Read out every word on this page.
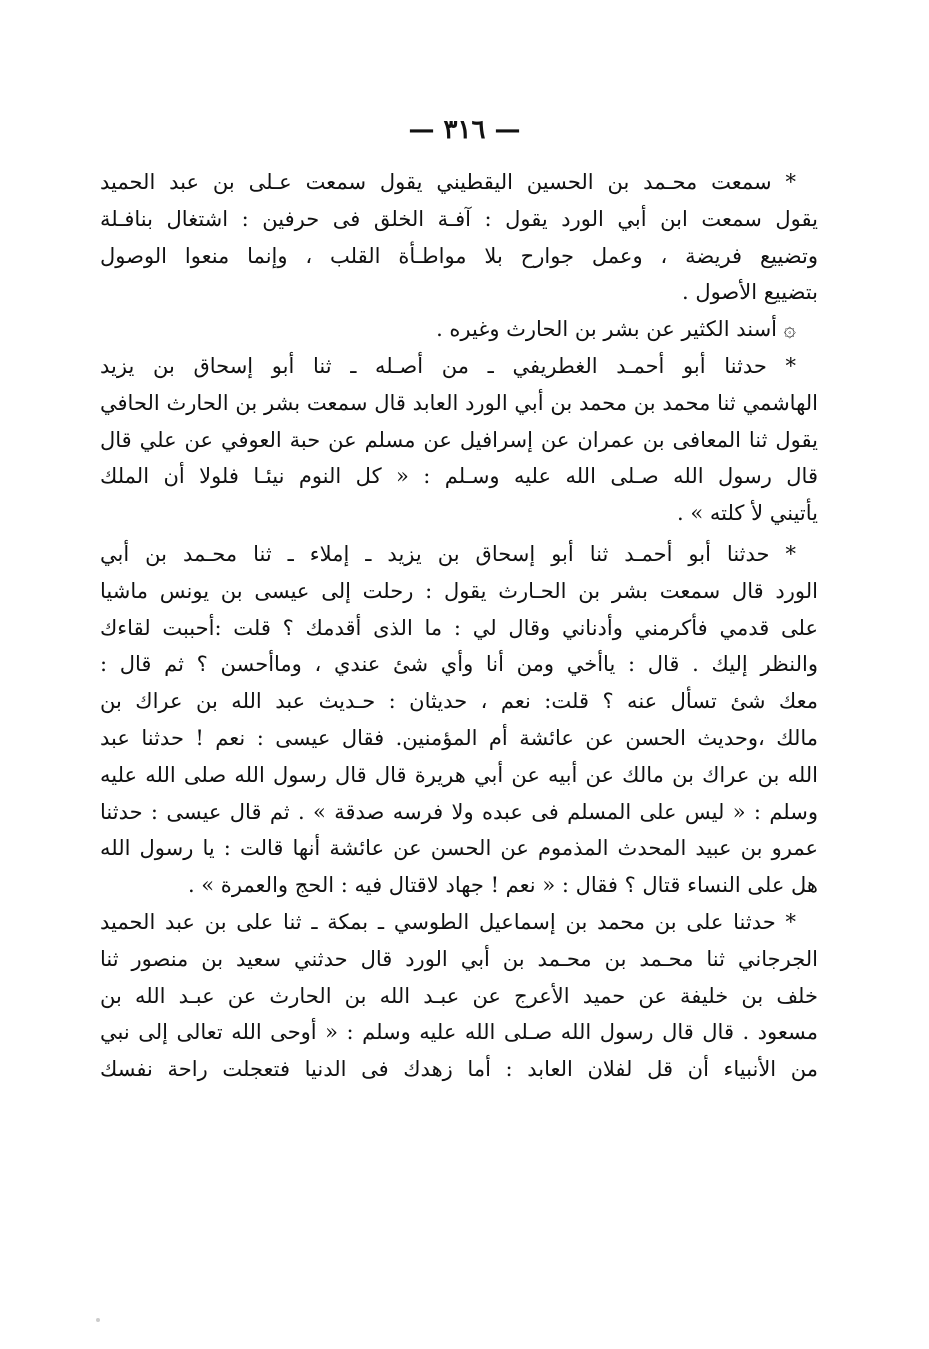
— ٣١٦ —
* سمعت محـمد بن الحسين اليقطيني يقول سمعت عـلى بن عبد الحميد
يقول سمعت ابن أبي الورد يقول : آفـة الخلق فى حرفين : اشتغال بنافـلة
وتضييع فريضة ، وعمل جوارح بلا مواطـأة القلب ، وإنما منعوا الوصول
بتضييع الأصول .
۞ أسند الكثير عن بشر بن الحارث وغيره .
* حدثنا أبو أحمـد الغطريفي ـ من أصـله ـ ثنا أبو إسحاق بن يزيد
الهاشمي ثنا محمد بن محمد بن أبي الورد العابد قال سمعت بشر بن الحارث الحافي
يقول ثنا المعافى بن عمران عن إسرافيل عن مسلم عن حبة العوفي عن علي قال
قال رسول الله صـلى الله عليه وسـلم : « كل النوم نيئـا فلولا أن الملك
يأتيني لأ كلته » .
* حدثنا أبو أحمـد ثنا أبو إسحاق بن يزيد ـ إملاء ـ ثنا محـمد بن أبي
الورد قال سمعت بشر بن الحـارث يقول : رحلت إلى عيسى بن يونس ماشيا
على قدمي فأكرمني وأدناني وقال لي : ما الذى أقدمك ؟ قلت :أحببت لقاءك
والنظر إليك . قال : ياأخي ومن أنا وأي شئ عندي ، وماأحسن ؟ ثم قال :
معك شئ تسأل عنه ؟ قلت: نعم ، حديثان : حـديث عبد الله بن عراك بن
مالك ،وحديث الحسن عن عائشة أم المؤمنين. فقال عيسى : نعم ! حدثنا عبد
الله بن عراك بن مالك عن أبيه عن أبي هريرة قال قال رسول الله صلى الله عليه
وسلم : « ليس على المسلم فى عبده ولا فرسه صدقة » . ثم قال عيسى : حدثنا
عمرو بن عبيد المحدث المذموم عن الحسن عن عائشة أنها قالت : يا رسول الله
هل على النساء قتال ؟ فقال : « نعم ! جهاد لاقتال فيه : الحج والعمرة » .
* حدثنا على بن محمد بن إسماعيل الطوسي ـ بمكة ـ ثنا على بن عبد الحميد
الجرجاني ثنا محـمد بن محـمد بن أبي الورد قال حدثني سعيد بن منصور ثنا
خلف بن خليفة عن حميد الأعرج عن عبـد الله بن الحارث عن عبـد الله بن
مسعود . قال قال رسول الله صـلى الله عليه وسلم : « أوحى الله تعالى إلى نبي
من الأنبياء أن قل لفلان العابد : أما زهدك فى الدنيا فتعجلت راحة نفسك
